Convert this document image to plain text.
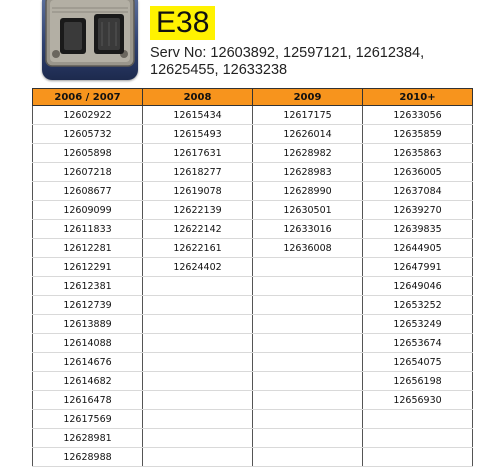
E38
Serv No: 12603892, 12597121, 12612384, 12625455, 12633238
2006 / 2007	2008	2009	2010+
12602922	12615434	12617175	12633056
12605732	12615493	12626014	12635859
12605898	12617631	12628982	12635863
12607218	12618277	12628983	12636005
12608677	12619078	12628990	12637084
12609099	12622139	12630501	12639270
12611833	12622142	12633016	12639835
12612281	12622161	12636008	12644905
12612291	12624402		12647991
12612381			12649046
12612739			12653252
12613889			12653249
12614088			12653674
12614676			12654075
12614682			12656198
12616478			12656930
12617569			
12628981			
12628988			
